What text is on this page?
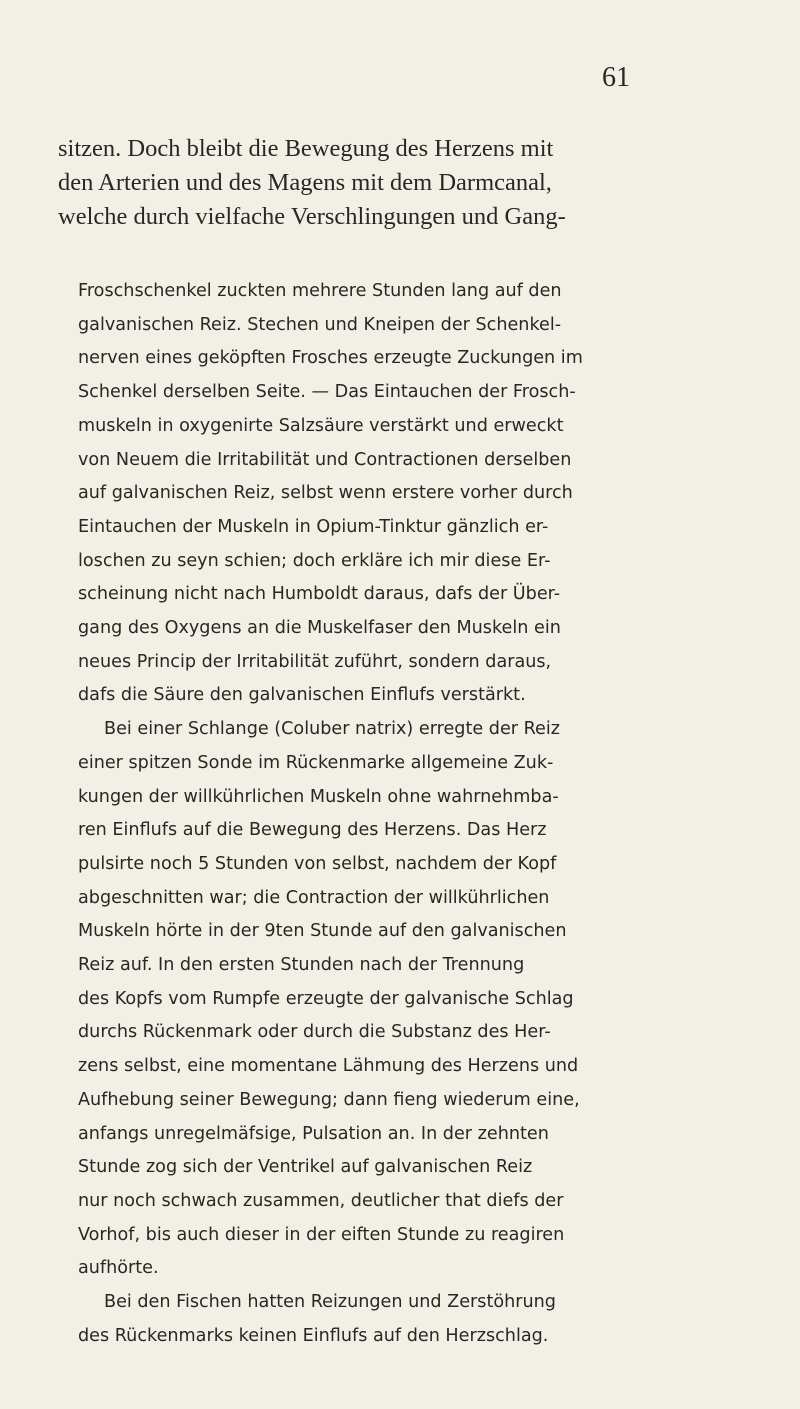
61

sitzen. Doch bleibt die Bewegung des Herzens mit
den Arterien und des Magens mit dem Darmcanal,
welche durch vielfache Verschlingungen und Gang-

Froschschenkel zuckten mehrere Stunden lang auf den
galvanischen Reiz. Stechen und Kneipen der Schenkel-
nerven eines geköpften Frosches erzeugte Zuckungen im
Schenkel derselben Seite. — Das Eintauchen der Frosch-
muskeln in oxygenirte Salzsäure verstärkt und erweckt
von Neuem die Irritabilität und Contractionen derselben
auf galvanischen Reiz, selbst wenn erstere vorher durch
Eintauchen der Muskeln in Opium-Tinktur gänzlich er-
loschen zu seyn schien; doch erkläre ich mir diese Er-
scheinung nicht nach Humboldt daraus, dafs der Über-
gang des Oxygens an die Muskelfaser den Muskeln ein
neues Princip der Irritabilität zuführt, sondern daraus,
dafs die Säure den galvanischen Einflufs verstärkt.

Bei einer Schlange (Coluber natrix) erregte der Reiz
einer spitzen Sonde im Rückenmarke allgemeine Zuk-
kungen der willkührlichen Muskeln ohne wahrnehmba-
ren Einflufs auf die Bewegung des Herzens. Das Herz
pulsirte noch 5 Stunden von selbst, nachdem der Kopf
abgeschnitten war; die Contraction der willkührlichen
Muskeln hörte in der 9ten Stunde auf den galvanischen
Reiz auf. In den ersten Stunden nach der Trennung
des Kopfs vom Rumpfe erzeugte der galvanische Schlag
durchs Rückenmark oder durch die Substanz des Her-
zens selbst, eine momentane Lähmung des Herzens und
Aufhebung seiner Bewegung; dann fieng wiederum eine,
anfangs unregelmäfsige, Pulsation an. In der zehnten
Stunde zog sich der Ventrikel auf galvanischen Reiz
nur noch schwach zusammen, deutlicher that diefs der
Vorhof, bis auch dieser in der eiften Stunde zu reagiren
aufhörte.

Bei den Fischen hatten Reizungen und Zerstöhrung
des Rückenmarks keinen Einflufs auf den Herzschlag.
